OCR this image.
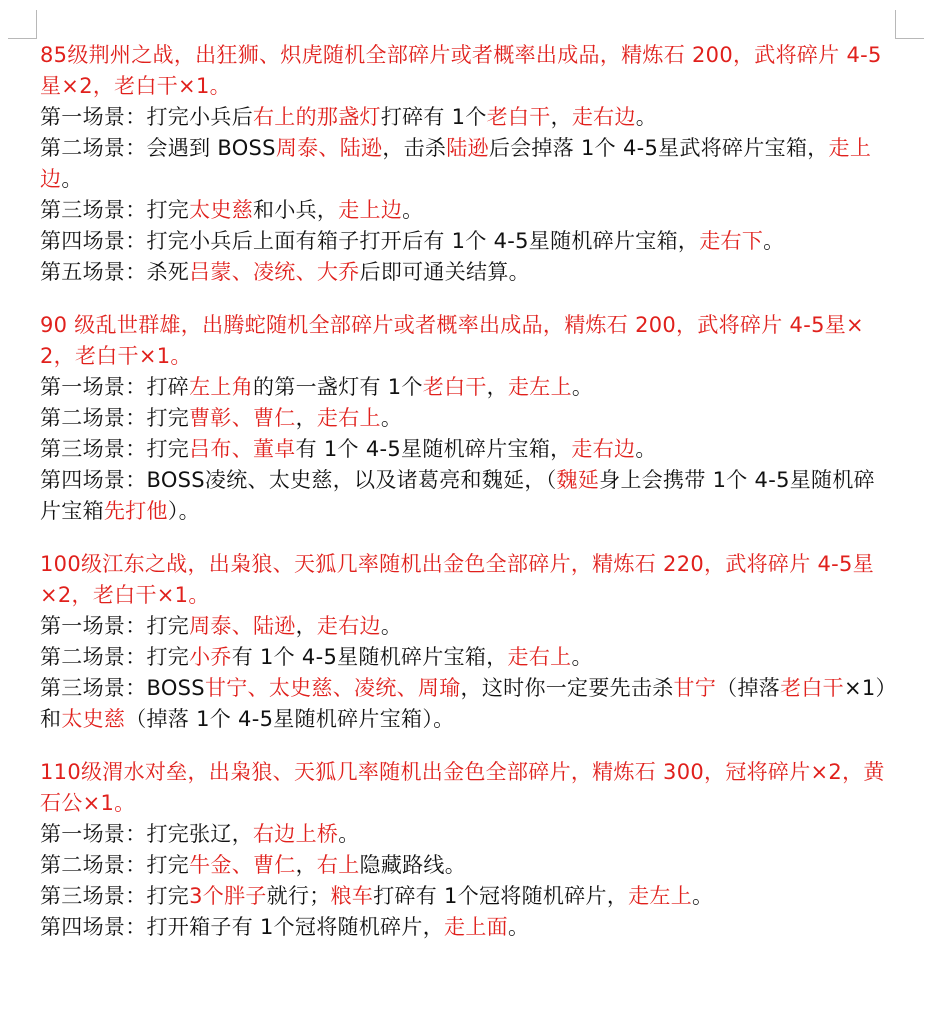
85级荆州之战，出狂狮、炽虎随机全部碎片或者概率出成品，精炼石 200，武将碎片 4-5星×2，老白干×1。
第一场景：打完小兵后右上的那盏灯打碎有 1个老白干，走右边。
第二场景：会遇到 BOSS周泰、陆逊，击杀陆逊后会掉落 1个 4-5星武将碎片宝箱，走上边。
第三场景：打完太史慈和小兵，走上边。
第四场景：打完小兵后上面有箱子打开后有 1个 4-5星随机碎片宝箱，走右下。
第五场景：杀死吕蒙、凌统、大乔后即可通关结算。
90 级乱世群雄，出腾蛇随机全部碎片或者概率出成品，精炼石 200，武将碎片 4-5星×2，老白干×1。
第一场景：打碎左上角的第一盏灯有 1个老白干，走左上。
第二场景：打完曹彰、曹仁，走右上。
第三场景：打完吕布、董卓有 1个 4-5星随机碎片宝箱，走右边。
第四场景：BOSS凌统、太史慈，以及诸葛亮和魏延，（魏延身上会携带 1个 4-5星随机碎片宝箱先打他）。
100级江东之战，出枭狼、天狐几率随机出金色全部碎片，精炼石 220，武将碎片 4-5星×2，老白干×1。
第一场景：打完周泰、陆逊，走右边。
第二场景：打完小乔有 1个 4-5星随机碎片宝箱，走右上。
第三场景：BOSS甘宁、太史慈、凌统、周瑜，这时你一定要先击杀甘宁（掉落老白干×1）和太史慈（掉落 1个 4-5星随机碎片宝箱）。
110级渭水对垒，出枭狼、天狐几率随机出金色全部碎片，精炼石 300，冠将碎片×2，黄石公×1。
第一场景：打完张辽，右边上桥。
第二场景：打完牛金、曹仁，右上隐藏路线。
第三场景：打完3个胖子就行；粮车打碎有 1个冠将随机碎片，走左上。
第四场景：打开箱子有 1个冠将随机碎片，走上面。
